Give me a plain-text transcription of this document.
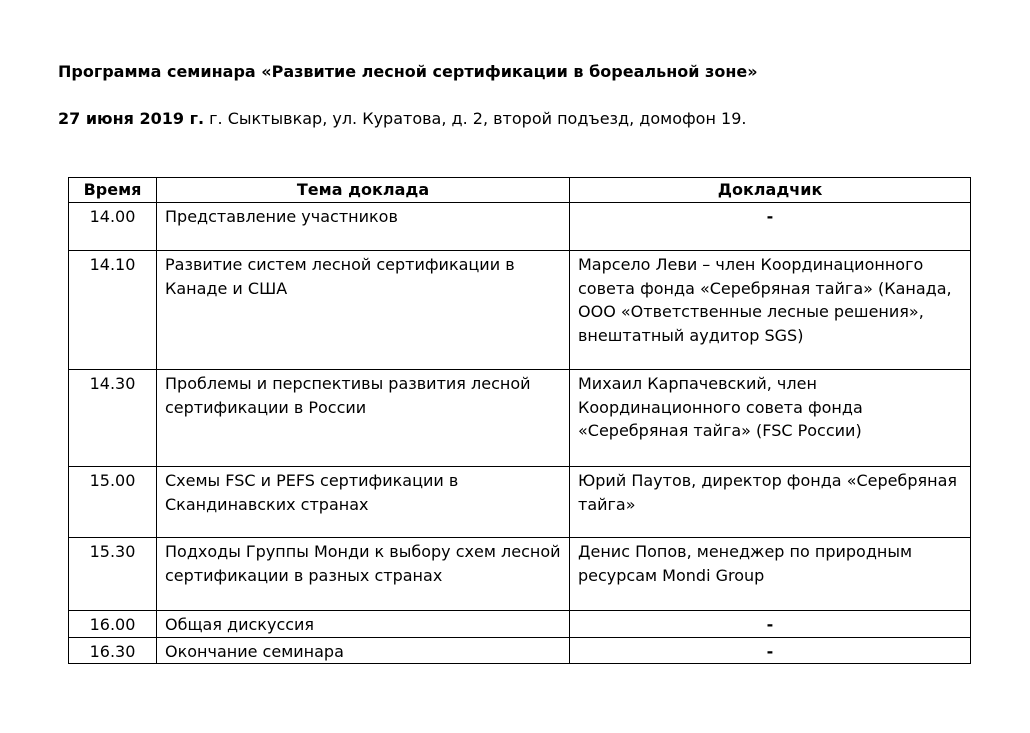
Программа семинара «Развитие лесной сертификации в бореальной зоне»
27 июня 2019 г. г. Сыктывкар, ул. Куратова, д. 2, второй подъезд, домофон 19.
Время	Тема доклада	Докладчик
14.00	Представление участников	-
14.10	Развитие систем лесной сертификации в Канаде и США	Марсело Леви – член Координационного совета фонда «Серебряная тайга» (Канада, ООО «Ответственные лесные решения», внештатный аудитор SGS)
14.30	Проблемы и перспективы развития лесной сертификации в России	Михаил Карпачевский, член Координационного совета фонда «Серебряная тайга» (FSC России)
15.00	Схемы FSC и PEFS сертификации в Скандинавских странах	Юрий Паутов, директор фонда «Серебряная тайга»
15.30	Подходы Группы Монди к выбору схем лесной сертификации в разных странах	Денис Попов, менеджер по природным ресурсам Mondi Group
16.00	Общая дискуссия	-
16.30	Окончание семинара	-
